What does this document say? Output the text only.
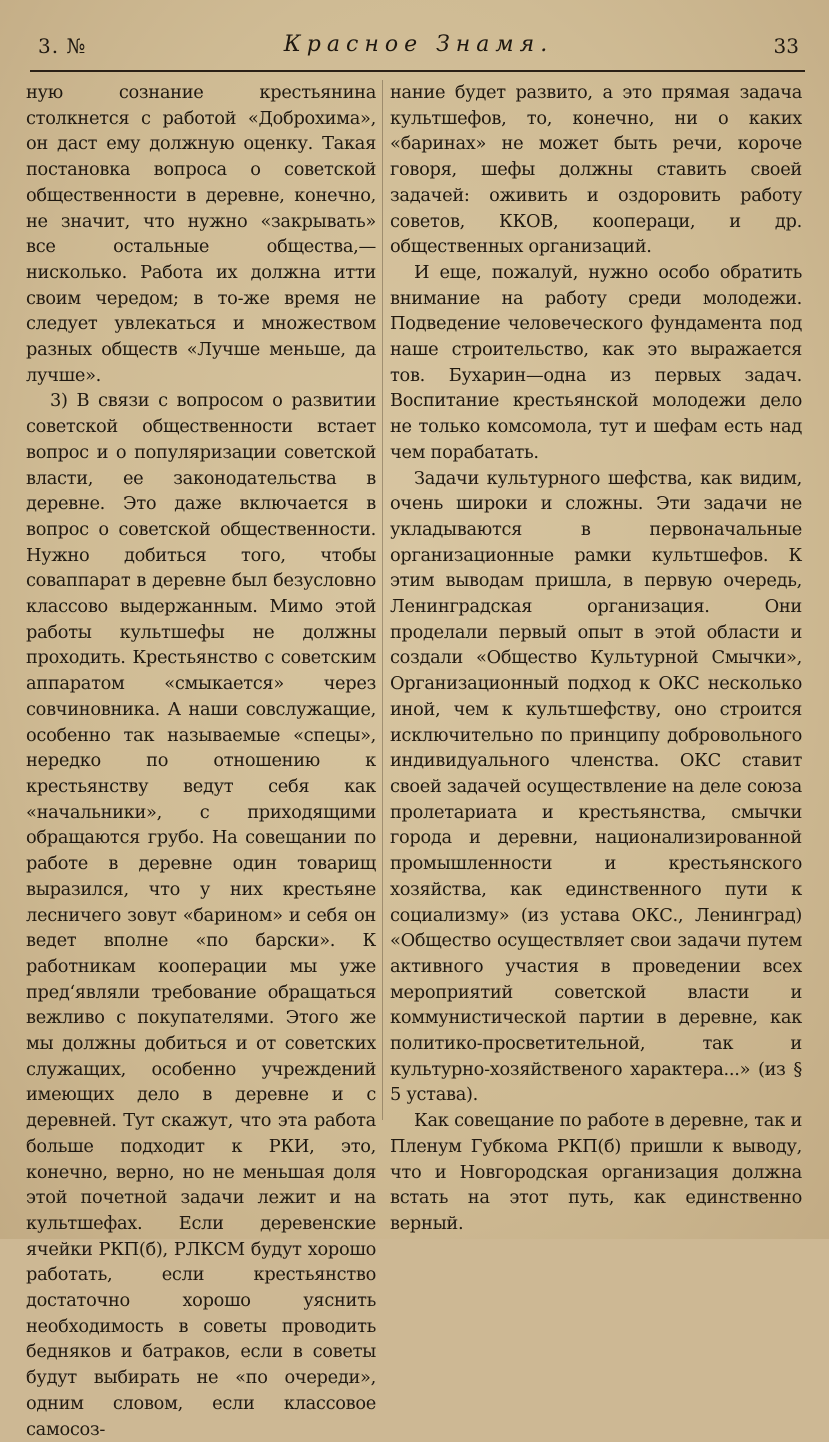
3. №	Красное Знамя.	33

ную сознание крестьянина столкнется с работой «Доброхима», он даст ему должную оценку. Такая постановка вопроса о советской общественности в деревне, конечно, не значит, что нужно «закрывать» все остальные общества,— нисколько. Работа их должна итти своим чередом; в то-же время не следует увлекаться и множеством разных обществ «Лучше меньше, да лучше».

3) В связи с вопросом о развитии советской общественности встает вопрос и о популяризации советской власти, ее законодательства в деревне. Это даже включается в вопрос о советской общественности. Нужно добиться того, чтобы соваппарат в деревне был безусловно классово выдержанным. Мимо этой работы культшефы не должны проходить. Крестьянство с советским аппаратом «смыкается» через совчиновника. А наши совслужащие, особенно так называемые «спецы», нередко по отношению к крестьянству ведут себя как «начальники», с приходящими обращаются грубо. На совещании по работе в деревне один товарищ выразился, что у них крестьяне лесничего зовут «барином» и себя он ведет вполне «по барски». К работникам кооперации мы уже пред‘являли требование обращаться вежливо с покупателями. Этого же мы должны добиться и от советских служащих, особенно учреждений имеющих дело в деревне и с деревней. Тут скажут, что эта работа больше подходит к РКИ, это, конечно, верно, но не меньшая доля этой почетной задачи лежит и на культшефах. Если деревенские ячейки РКП(б), РЛКСМ будут хорошо работать, если крестьянство достаточно хорошо уяснить необходимость в советы проводить бедняков и батраков, если в советы будут выбирать не «по очереди», одним словом, если классовое самосоз-

нание будет развито, а это прямая задача культшефов, то, конечно, ни о каких «баринах» не может быть речи, короче говоря, шефы должны ставить своей задачей: оживить и оздоровить работу советов, ККОВ, коопераци, и др. общественных организаций.

И еще, пожалуй, нужно особо обратить внимание на работу среди молодежи. Подведение человеческого фундамента под наше строительство, как это выражается тов. Бухарин—одна из первых задач. Воспитание крестьянской молодежи дело не только комсомола, тут и шефам есть над чем порабатать.

Задачи культурного шефства, как видим, очень широки и сложны. Эти задачи не укладываются в первоначальные организационные рамки культшефов. К этим выводам пришла, в первую очередь, Ленинградская организация. Они проделали первый опыт в этой области и создали «Общество Культурной Смычки», Организационный подход к ОКС несколько иной, чем к культшефству, оно строится исключительно по принципу добровольного индивидуального членства. ОКС ставит своей задачей осуществление на деле союза пролетариата и крестьянства, смычки города и деревни, национализированной промышленности и крестьянского хозяйства, как единственного пути к социализму» (из устава ОКС., Ленинград) «Общество осуществляет свои задачи путем активного участия в проведении всех мероприятий советской власти и коммунистической партии в деревне, как политико-просветительной, так и культурно-хозяйственого характера...» (из § 5 устава).

Как совещание по работе в деревне, так и Пленум Губкома РКП(б) пришли к выводу, что и Новгородская организация должна встать на этот путь, как единственно верный.
